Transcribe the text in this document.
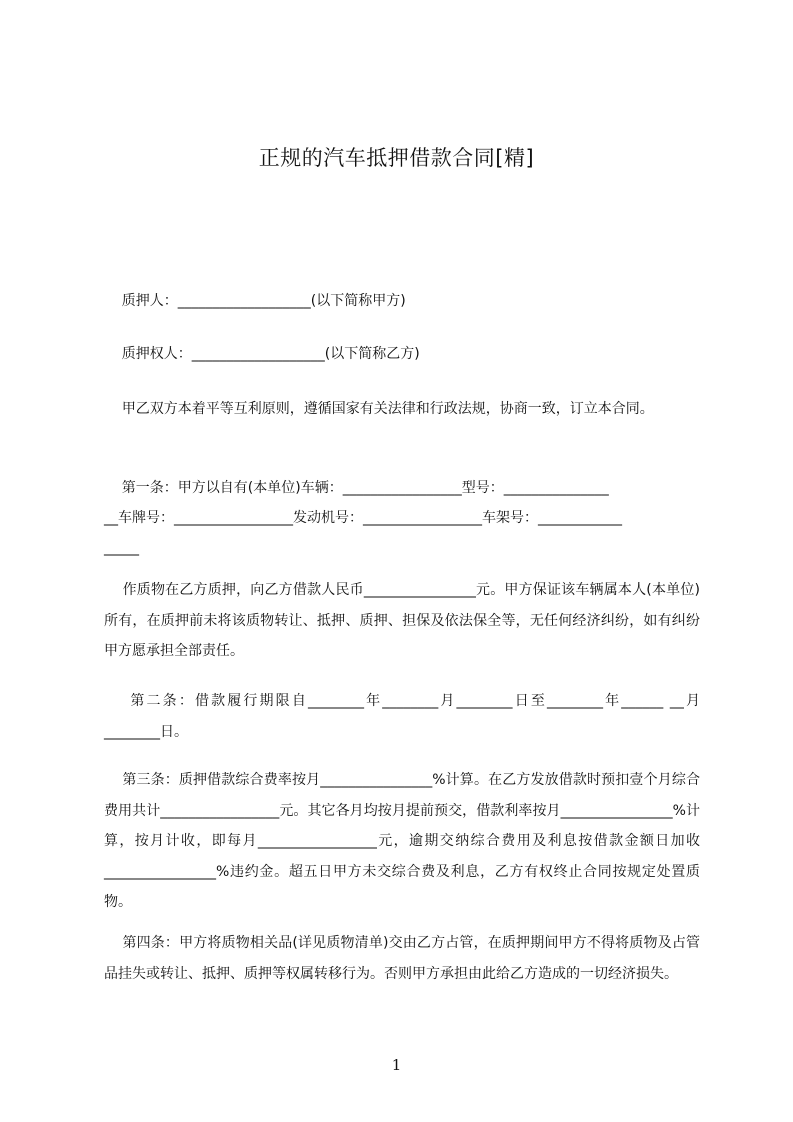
正规的汽车抵押借款合同[精]
质押人：___________________(以下简称甲方)
质押权人：___________________(以下简称乙方)
甲乙双方本着平等互利原则，遵循国家有关法律和行政法规，协商一致，订立本合同。
第一条：甲方以自有(本单位)车辆：_________________型号：_______________
__车牌号：_________________发动机号：_________________车架号：____________
_____
作质物在乙方质押，向乙方借款人民币________________元。甲方保证该车辆属本人(本单位)所有，在质押前未将该质物转让、抵押、质押、担保及依法保全等，无任何经济纠纷，如有纠纷甲方愿承担全部责任。
第二条：借款履行期限自________年________月________日至________年______ __月________日。
第三条：质押借款综合费率按月________________%计算。在乙方发放借款时预扣壹个月综合费用共计_________________元。其它各月均按月提前预交，借款利率按月________________%计算，按月计收，即每月_________________元，逾期交纳综合费用及利息按借款金额日加收________________%违约金。超五日甲方未交综合费及利息，乙方有权终止合同按规定处置质物。
第四条：甲方将质物相关品(详见质物清单)交由乙方占管，在质押期间甲方不得将质物及占管品挂失或转让、抵押、质押等权属转移行为。否则甲方承担由此给乙方造成的一切经济损失。
1
